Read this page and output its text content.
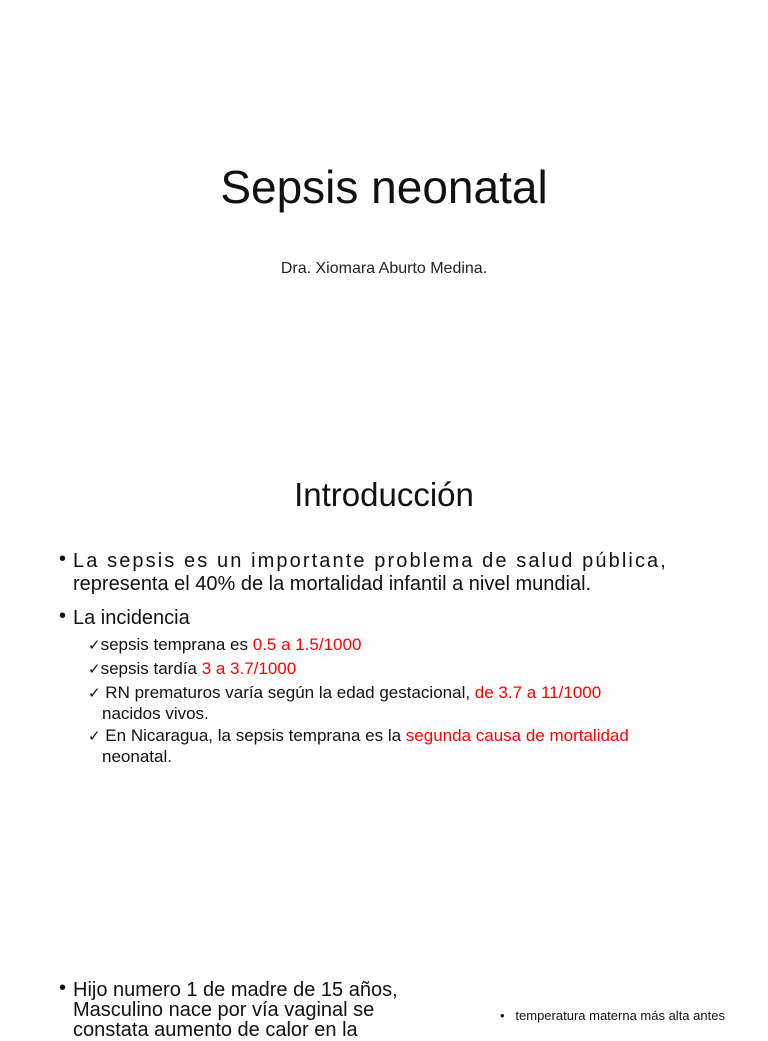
Sepsis neonatal
Dra. Xiomara Aburto Medina.
Introducción
• La sepsis es un importante problema de salud pública,
representa el 40% de la mortalidad infantil a nivel mundial.
• La incidencia
✓sepsis temprana es 0.5 a 1.5/1000
✓sepsis tardía 3 a 3.7/1000
✓ RN prematuros varía según la edad gestacional, de 3.7 a 11/1000
nacidos vivos.
✓ En Nicaragua, la sepsis temprana es la segunda causa de mortalidad
neonatal.
• Hijo numero 1 de madre de 15 años,
Masculino nace por vía vaginal se
constata aumento de calor en la
• temperatura materna más alta antes
